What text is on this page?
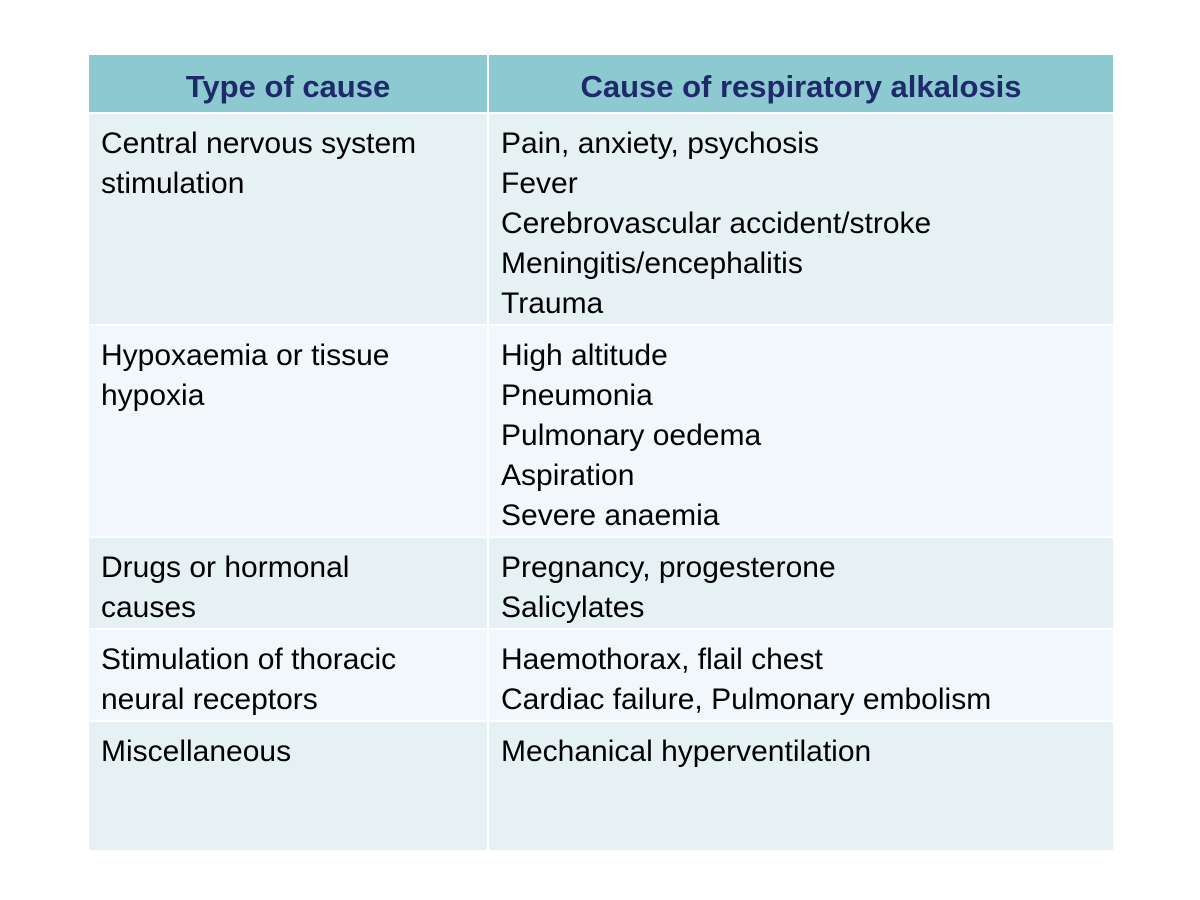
Type of cause	Cause of respiratory alkalosis

Central nervous system
stimulation	Pain, anxiety, psychosis
Fever
Cerebrovascular accident/stroke
Meningitis/encephalitis
Trauma

Hypoxaemia or tissue
hypoxia	High altitude
Pneumonia
Pulmonary oedema
Aspiration
Severe anaemia

Drugs or hormonal
causes	Pregnancy, progesterone
Salicylates

Stimulation of thoracic
neural receptors	Haemothorax, flail chest
Cardiac failure, Pulmonary embolism

Miscellaneous	Mechanical hyperventilation
